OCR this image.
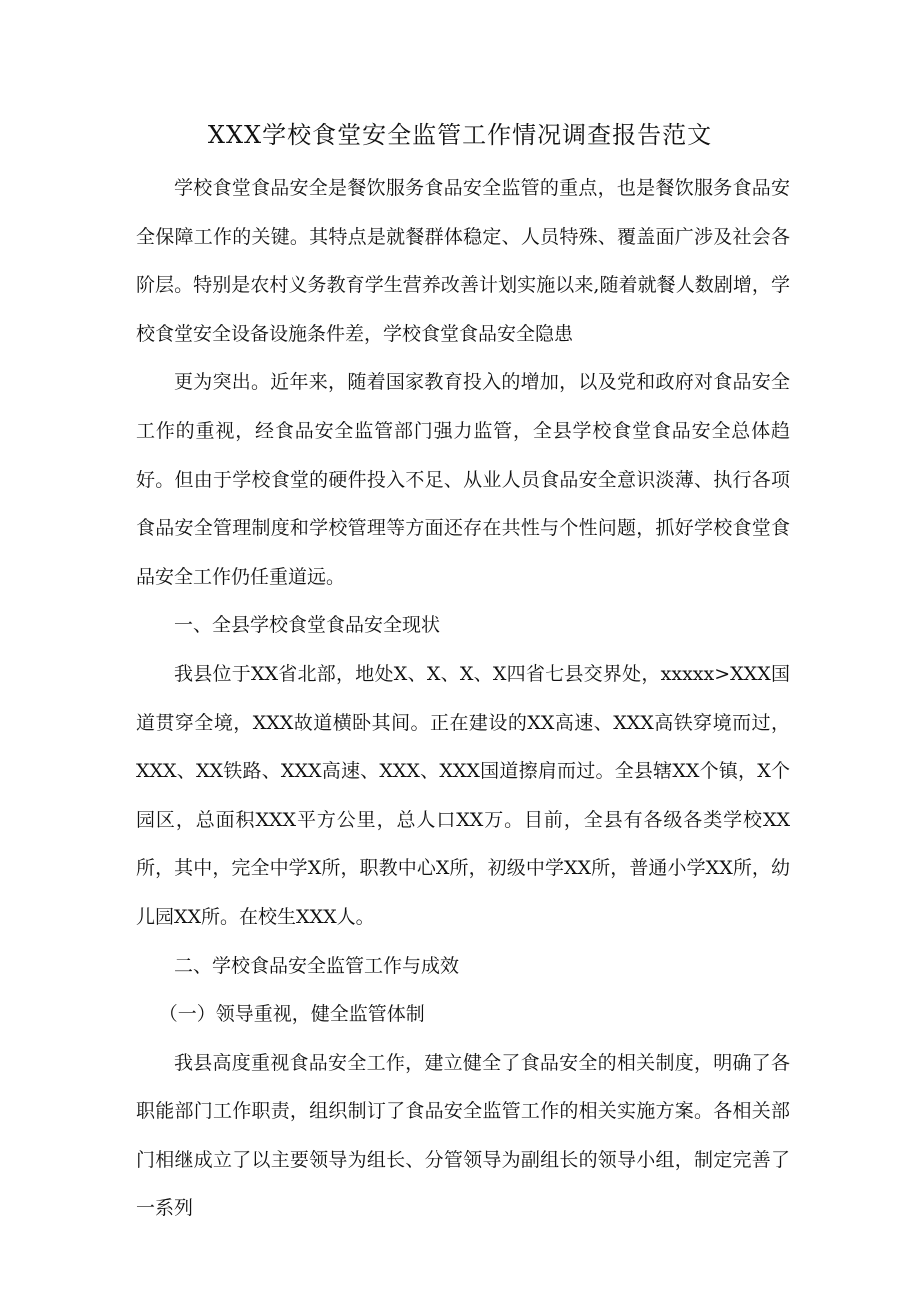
XXX学校食堂安全监管工作情况调查报告范文

学校食堂食品安全是餐饮服务食品安全监管的重点，也是餐饮服务食品安全保障工作的关键。其特点是就餐群体稳定、人员特殊、覆盖面广涉及社会各阶层。特别是农村义务教育学生营养改善计划实施以来,随着就餐人数剧增，学校食堂安全设备设施条件差，学校食堂食品安全隐患

更为突出。近年来，随着国家教育投入的增加，以及党和政府对食品安全工作的重视，经食品安全监管部门强力监管，全县学校食堂食品安全总体趋好。但由于学校食堂的硬件投入不足、从业人员食品安全意识淡薄、执行各项食品安全管理制度和学校管理等方面还存在共性与个性问题，抓好学校食堂食品安全工作仍任重道远。

一、全县学校食堂食品安全现状

我县位于XX省北部，地处X、X、X、X四省七县交界处，xxxxx>XXX国道贯穿全境，XXX故道横卧其间。正在建设的XX高速、XXX高铁穿境而过，XXX、XX铁路、XXX高速、XXX、XXX国道擦肩而过。全县辖XX个镇，X个园区，总面积XXX平方公里，总人口XX万。目前，全县有各级各类学校XX所，其中，完全中学X所，职教中心X所，初级中学XX所，普通小学XX所，幼儿园XX所。在校生XXX人。

二、学校食品安全监管工作与成效

（一）领导重视，健全监管体制

我县高度重视食品安全工作，建立健全了食品安全的相关制度，明确了各职能部门工作职责，组织制订了食品安全监管工作的相关实施方案。各相关部门相继成立了以主要领导为组长、分管领导为副组长的领导小组，制定完善了一系列
